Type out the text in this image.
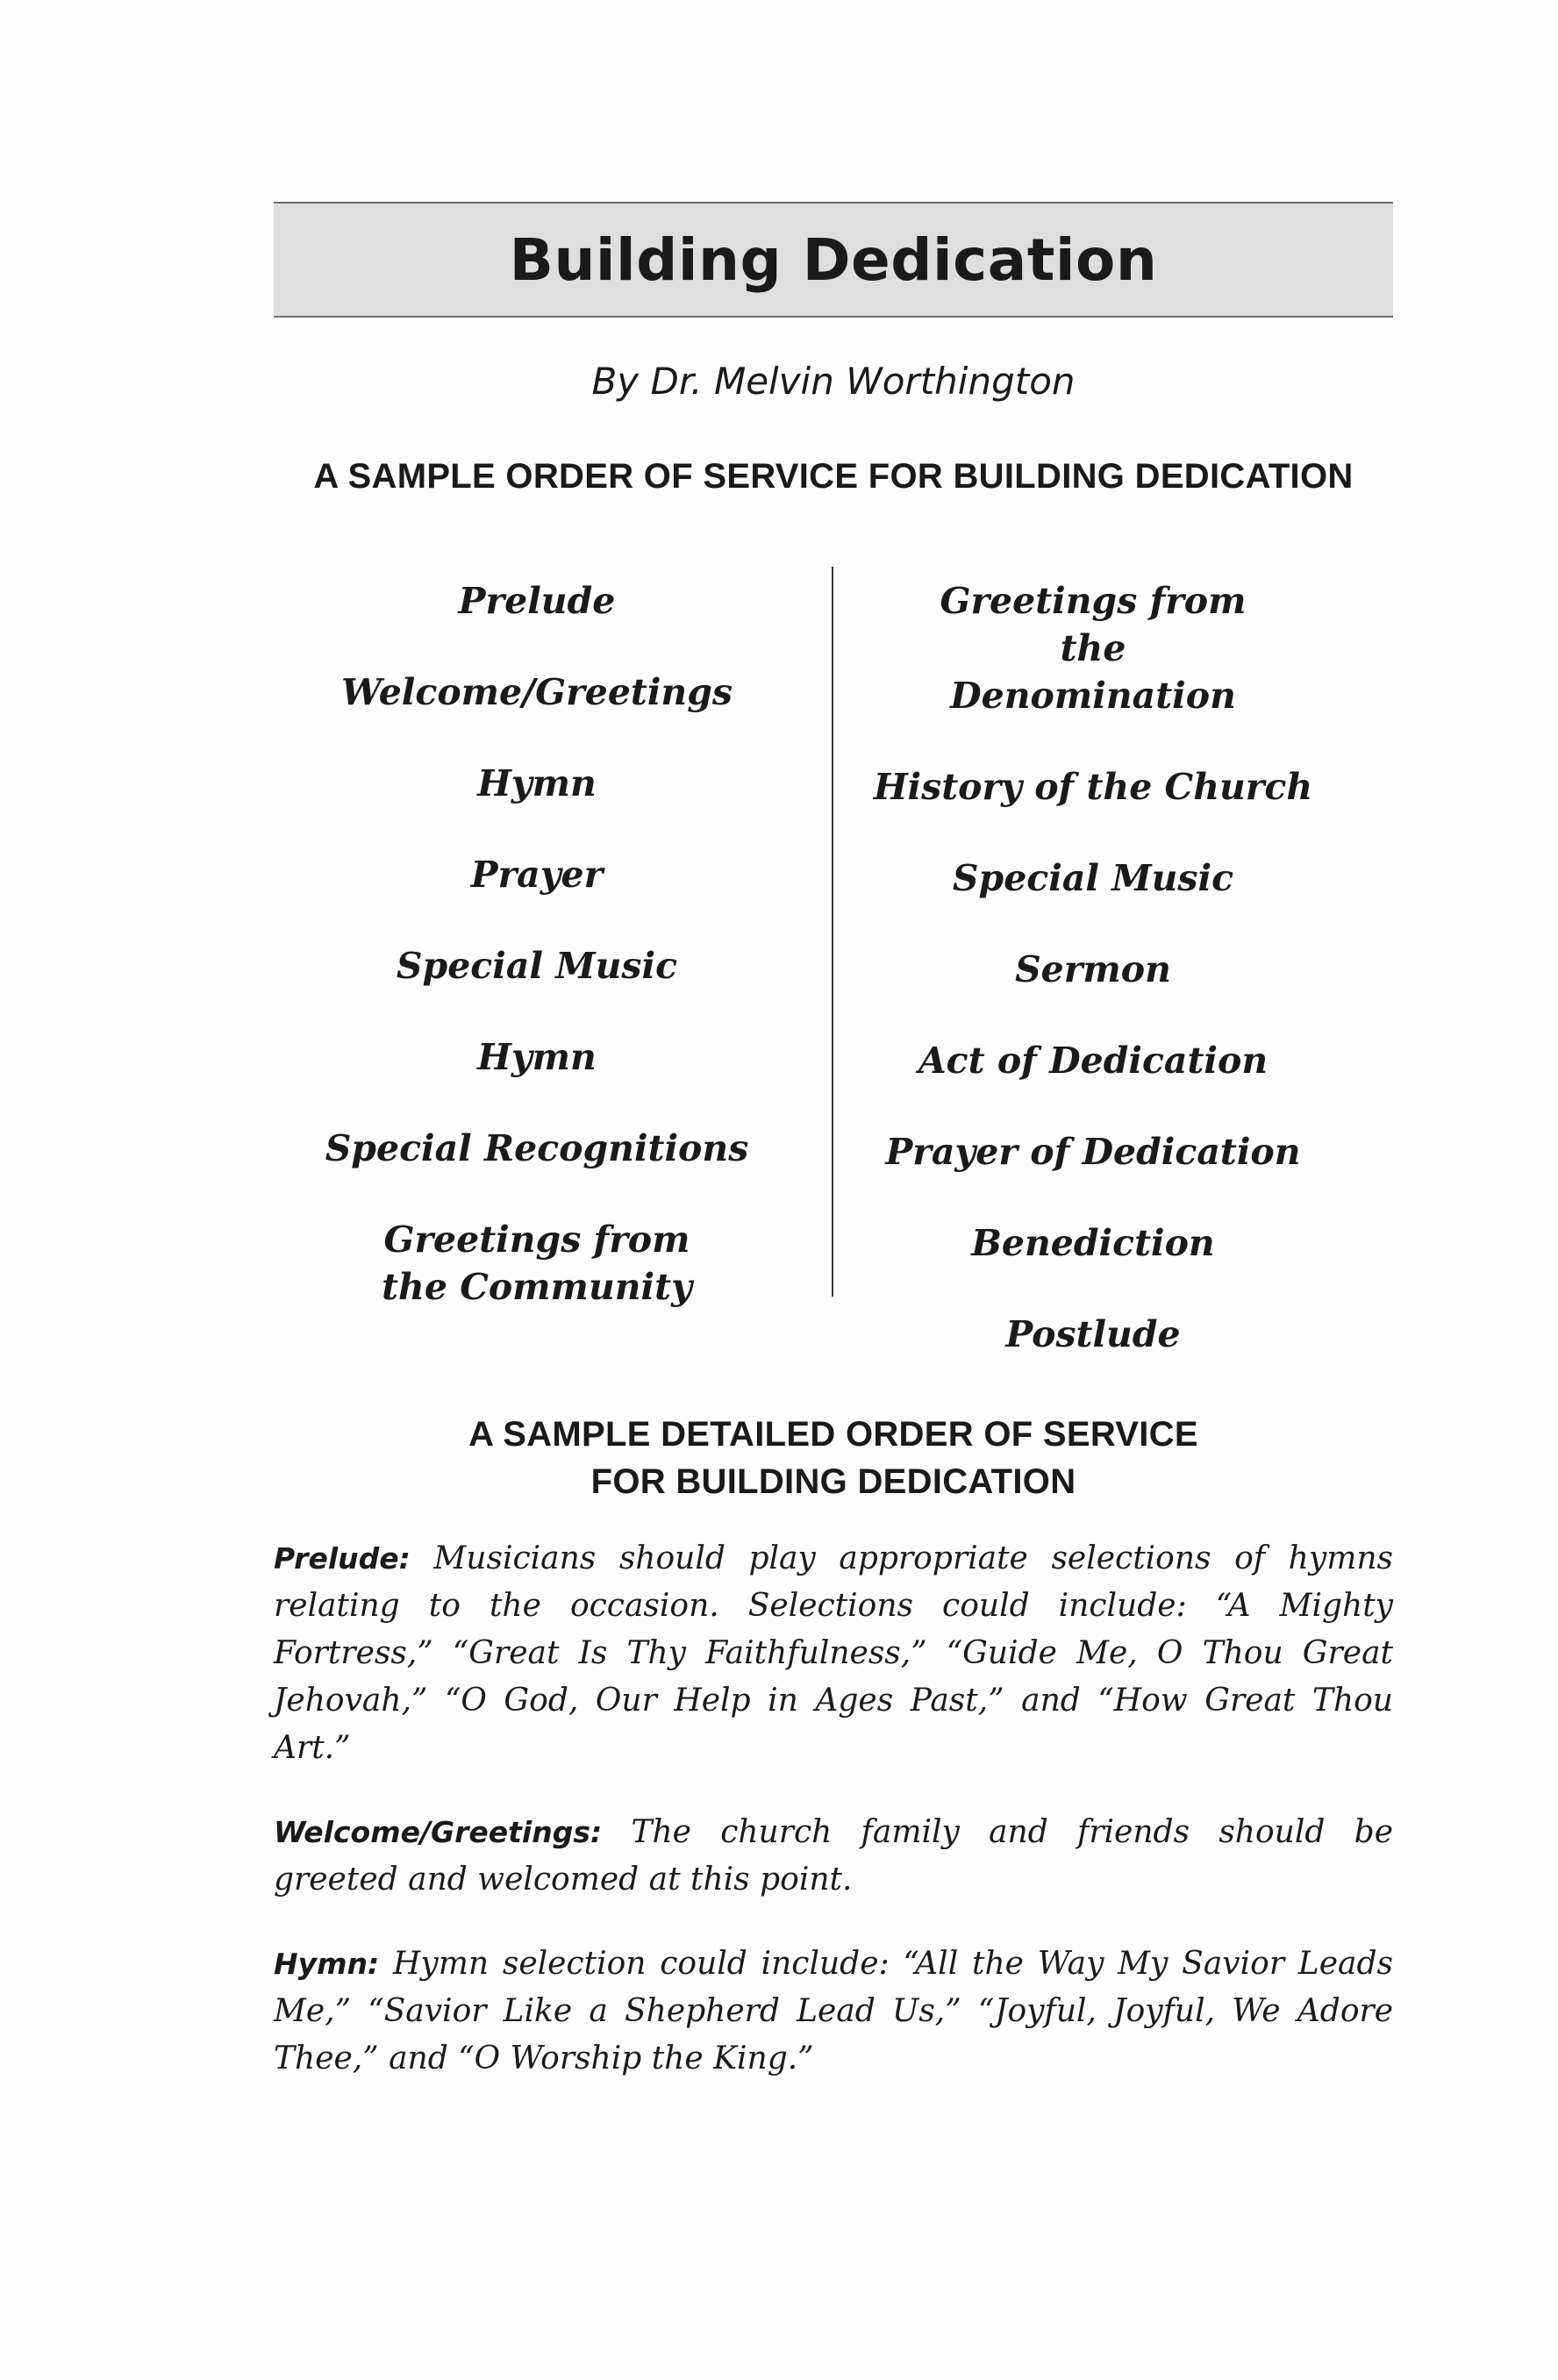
Building Dedication
By Dr. Melvin Worthington
A SAMPLE ORDER OF SERVICE FOR BUILDING DEDICATION
Prelude
Welcome/Greetings
Hymn
Prayer
Special Music
Hymn
Special Recognitions
Greetings from the Community
Greetings from the Denomination
History of the Church
Special Music
Sermon
Act of Dedication
Prayer of Dedication
Benediction
Postlude
A SAMPLE DETAILED ORDER OF SERVICE
FOR BUILDING DEDICATION

Prelude: Musicians should play appropriate selections of hymns relating to the occasion. Selections could include: “A Mighty Fortress,” “Great Is Thy Faithfulness,” “Guide Me, O Thou Great Jehovah,” “O God, Our Help in Ages Past,” and “How Great Thou Art.”

Welcome/Greetings: The church family and friends should be greeted and welcomed at this point.

Hymn: Hymn selection could include: “All the Way My Savior Leads Me,” “Savior Like a Shepherd Lead Us,” “Joyful, Joyful, We Adore Thee,” and “O Worship the King.”
